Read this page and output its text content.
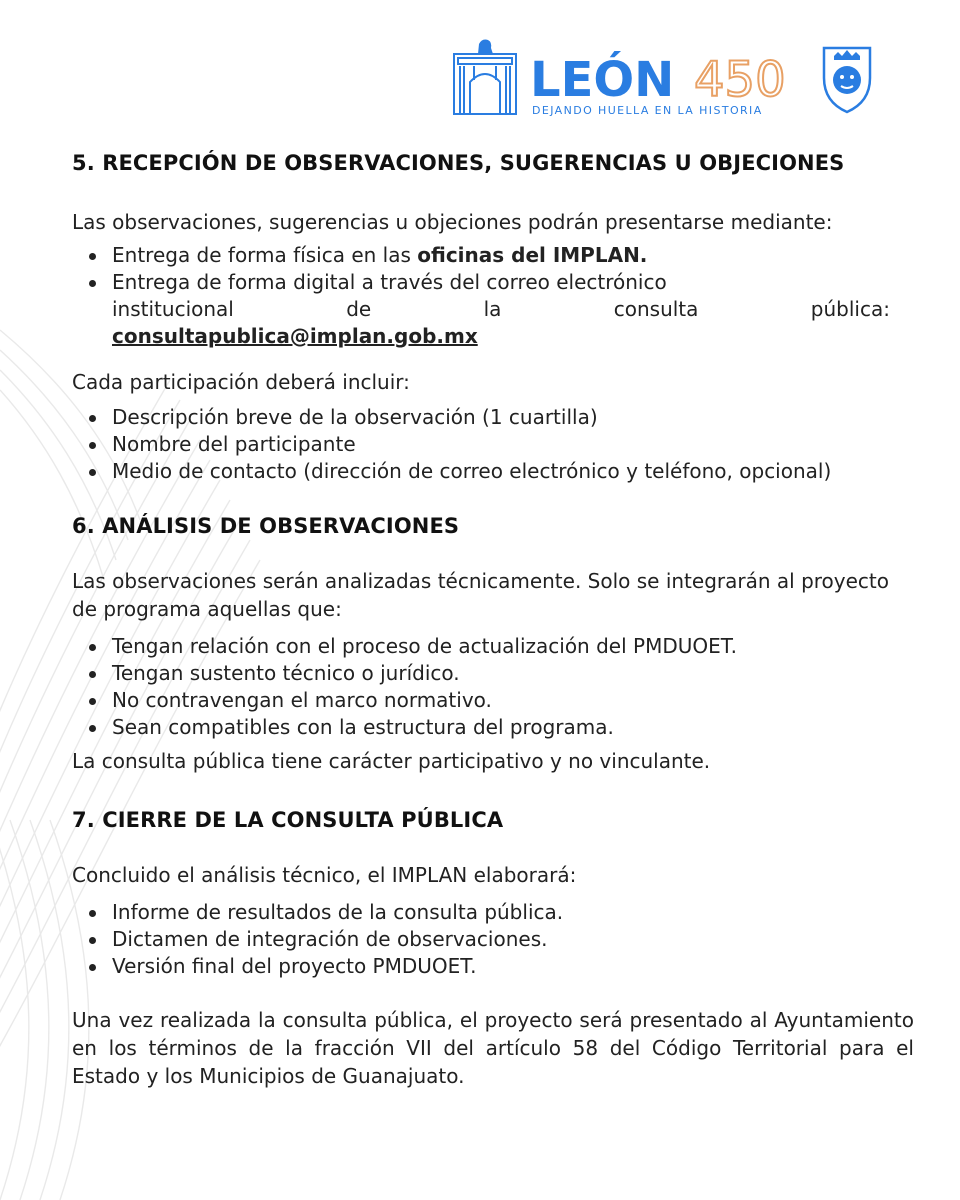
LEÓN 450
DEJANDO HUELLA EN LA HISTORIA
5. RECEPCIÓN DE OBSERVACIONES, SUGERENCIAS U OBJECIONES

Las observaciones, sugerencias u objeciones podrán presentarse mediante:

Entrega de forma física en las oficinas del IMPLAN.
Entrega de forma digital a través del correo electrónico
institucional	de	la	consulta	pública:
consultapublica@implan.gob.mx

Cada participación deberá incluir:

Descripción breve de la observación (1 cuartilla)
Nombre del participante
Medio de contacto (dirección de correo electrónico y teléfono, opcional)
6. ANÁLISIS DE OBSERVACIONES

Las observaciones serán analizadas técnicamente. Solo se integrarán al proyecto de programa aquellas que:

Tengan relación con el proceso de actualización del PMDUOET.
Tengan sustento técnico o jurídico.
No contravengan el marco normativo.
Sean compatibles con la estructura del programa.

La consulta pública tiene carácter participativo y no vinculante.

7. CIERRE DE LA CONSULTA PÚBLICA

Concluido el análisis técnico, el IMPLAN elaborará:

Informe de resultados de la consulta pública.
Dictamen de integración de observaciones.
Versión final del proyecto PMDUOET.

Una vez realizada la consulta pública, el proyecto será presentado al Ayuntamiento en los términos de la fracción VII del artículo 58 del Código Territorial para el Estado y los Municipios de Guanajuato.
